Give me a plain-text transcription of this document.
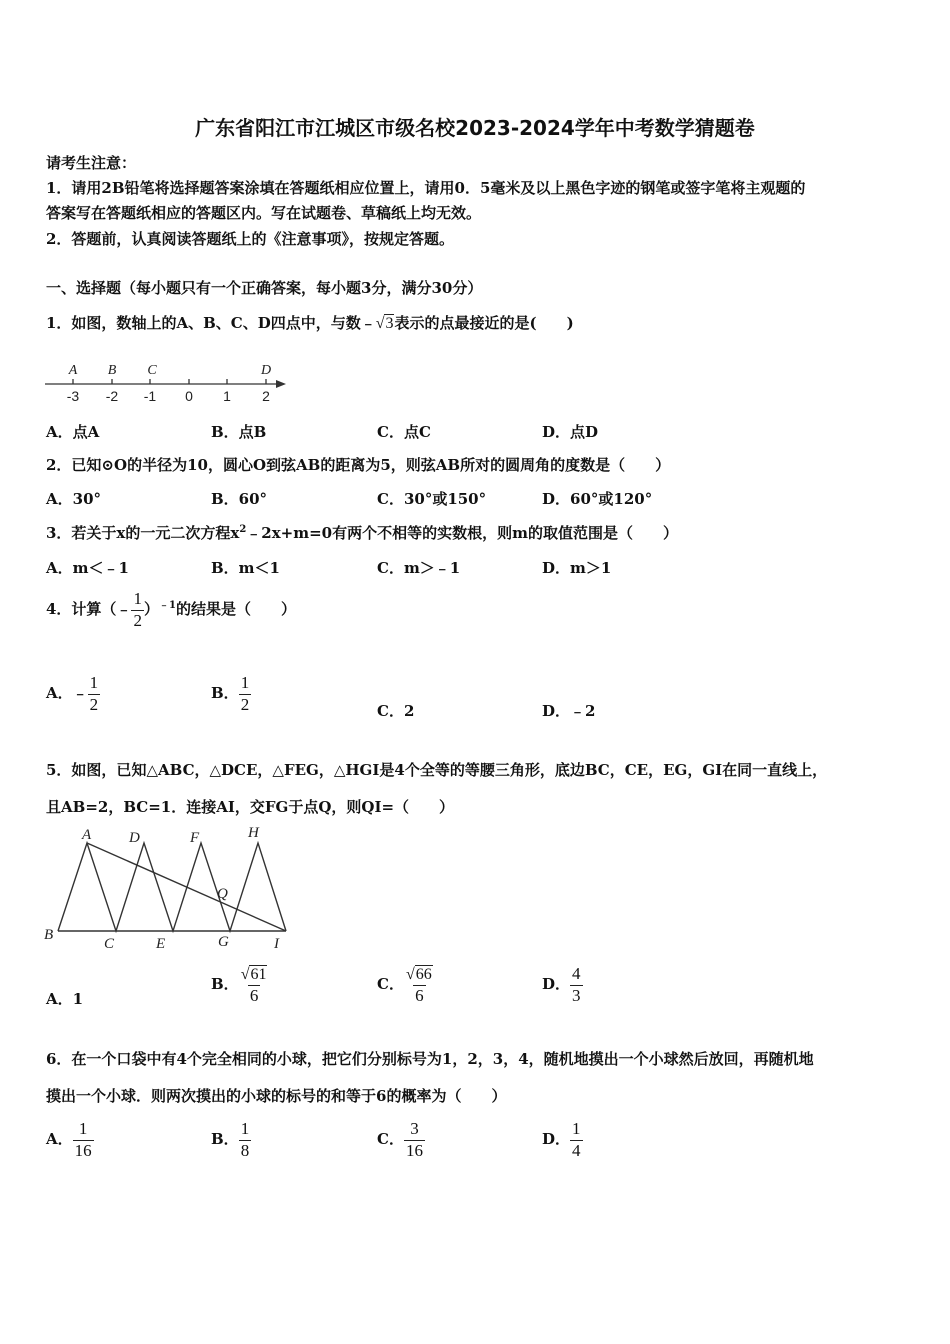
广东省阳江市江城区市级名校2023-2024学年中考数学猜题卷
请考生注意：
1．请用2B铅笔将选择题答案涂填在答题纸相应位置上，请用0．5毫米及以上黑色字迹的钢笔或签字笔将主观题的
答案写在答题纸相应的答题区内。写在试题卷、草稿纸上均无效。
2．答题前，认真阅读答题纸上的《注意事项》，按规定答题。
一、选择题（每小题只有一个正确答案，每小题3分，满分30分）
1．如图，数轴上的A、B、C、D四点中，与数﹣√3表示的点最接近的是(　　)
-3 -2 -1 0 1 2
A B C	D
A．点A	B．点B	C．点C	D．点D
2．已知⊙O的半径为10，圆心O到弦AB的距离为5，则弦AB所对的圆周角的度数是（　　）
A．30°	B．60°	C．30°或150°	D．60°或120°
3．若关于x的一元二次方程$x^2﹣2x+m=0$有两个不相等的实数根，则m的取值范围是（　　）
A．m＜﹣1	B．m＜1	C．m＞﹣1	D．m＞1
4．计算（﹣ $\frac{1}{2} )^{﹣1}$的结果是（　　）
A．﹣ $\frac{1}{2}$	B． $\frac{1}{2}$	C．2	D．﹣2
5．如图，已知△ABC，△DCE，△FEG，△HGI是4个全等的等腰三角形，底边BC，CE，EG，GI在同一直线上，
且AB=2，BC=1．连接AI，交FG于点Q，则QI=（　　）
A	D	F	H
Q
B
C	E	G	I
A．1
B． $\frac{√61}{6}$	C． $\frac{√66}{6}$	D． $\frac{4}{3}$
6．在一个口袋中有4个完全相同的小球，把它们分别标号为1，2，3，4，随机地摸出一个小球然后放回，再随机地
摸出一个小球．则两次摸出的小球的标号的和等于6的概率为（　　）
A． $\frac{1}{16}$	B． $\frac{1}{8}$	C． $\frac{3}{16}$	D． $\frac{1}{4}$
